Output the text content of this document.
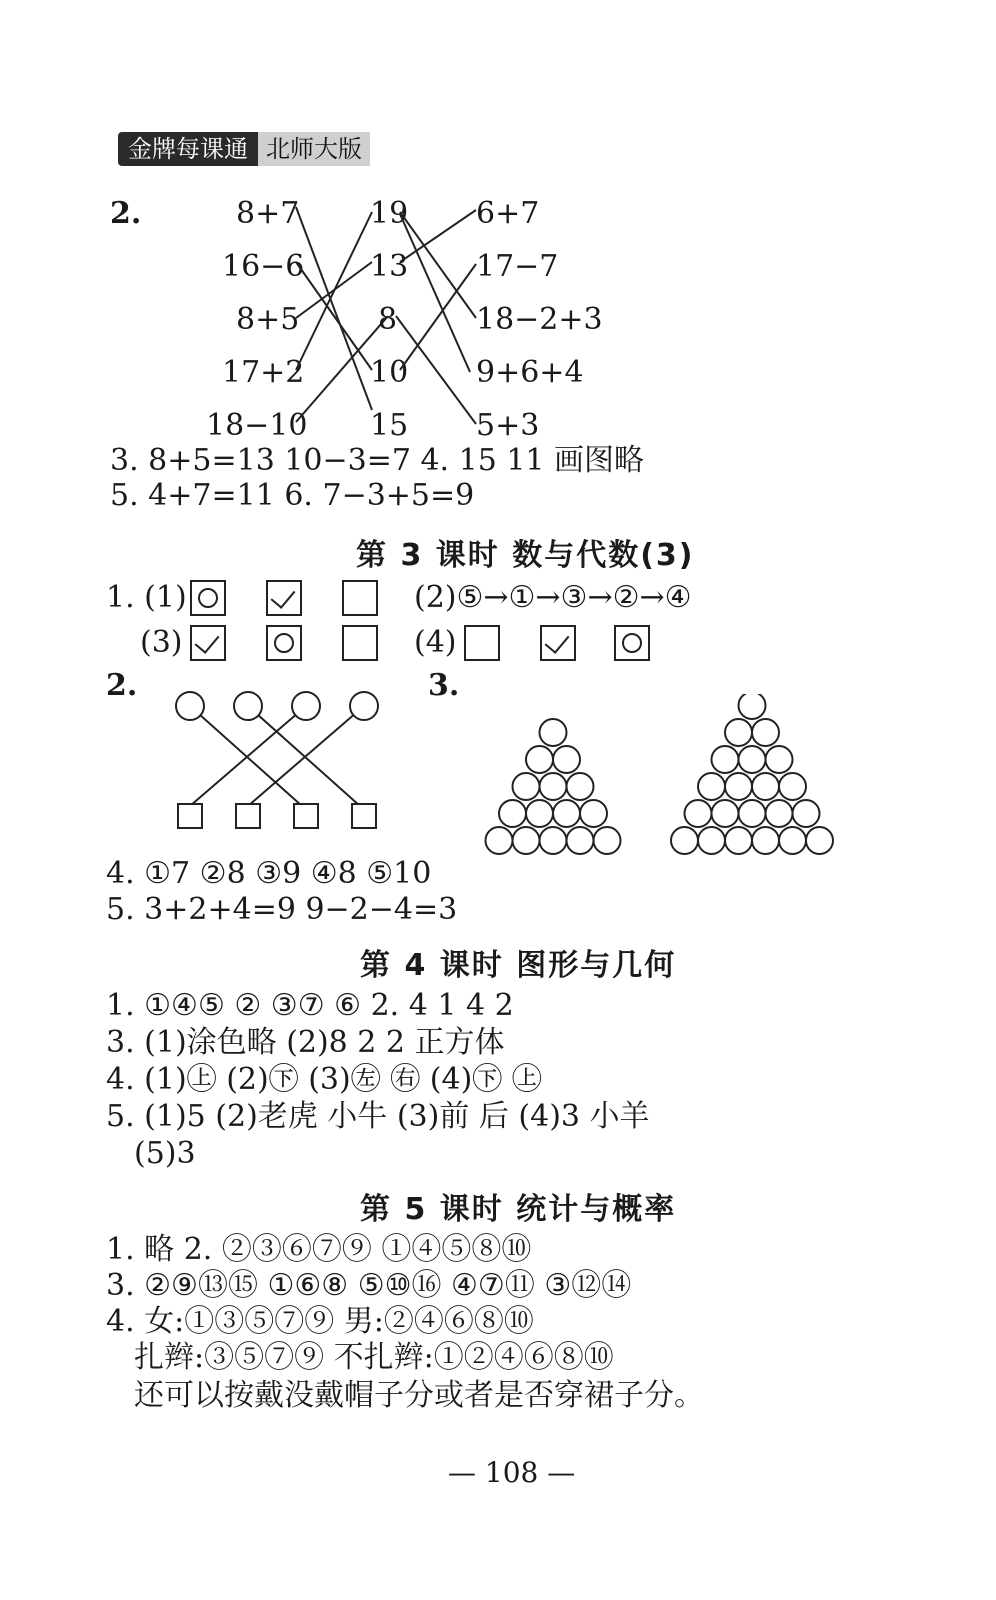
金牌每课通 北师大版
2.	8+7
16−6
8+5
17+2
18−10
19
13
8
10
15
6+7
17−7
18−2+3
9+6+4
5+3
3. 8+5=13 10−3=7 4. 15 11 画图略
5. 4+7=11 6. 7−3+5=9
第 3 课时 数与代数(3)
1. (1)	(2)⑤→①→③→②→④
(3)	(4)
2.	3.
4. ①7 ②8 ③9 ④8 ⑤10
5. 3+2+4=9 9−2−4=3
第 4 课时 图形与几何
1. ①④⑤ ② ③⑦ ⑥ 2. 4 1 4 2
3. (1)涂色略 (2)8 2 2 正方体
4. (1)㊤ (2)㊦ (3)㊧ ㊨ (4)㊦ ㊤
5. (1)5 (2)老虎 小牛 (3)前 后 (4)3 小羊
(5)3
第 5 课时 统计与概率
1. 略 2. ②③⑥⑦⑨ ①④⑤⑧⑩
3. ②⑨⑬⑮ ①⑥⑧ ⑤⑩⑯ ④⑦⑪ ③⑫⑭
4. 女:①③⑤⑦⑨ 男:②④⑥⑧⑩
扎辫:③⑤⑦⑨ 不扎辫:①②④⑥⑧⑩
还可以按戴没戴帽子分或者是否穿裙子分。
— 108 —
